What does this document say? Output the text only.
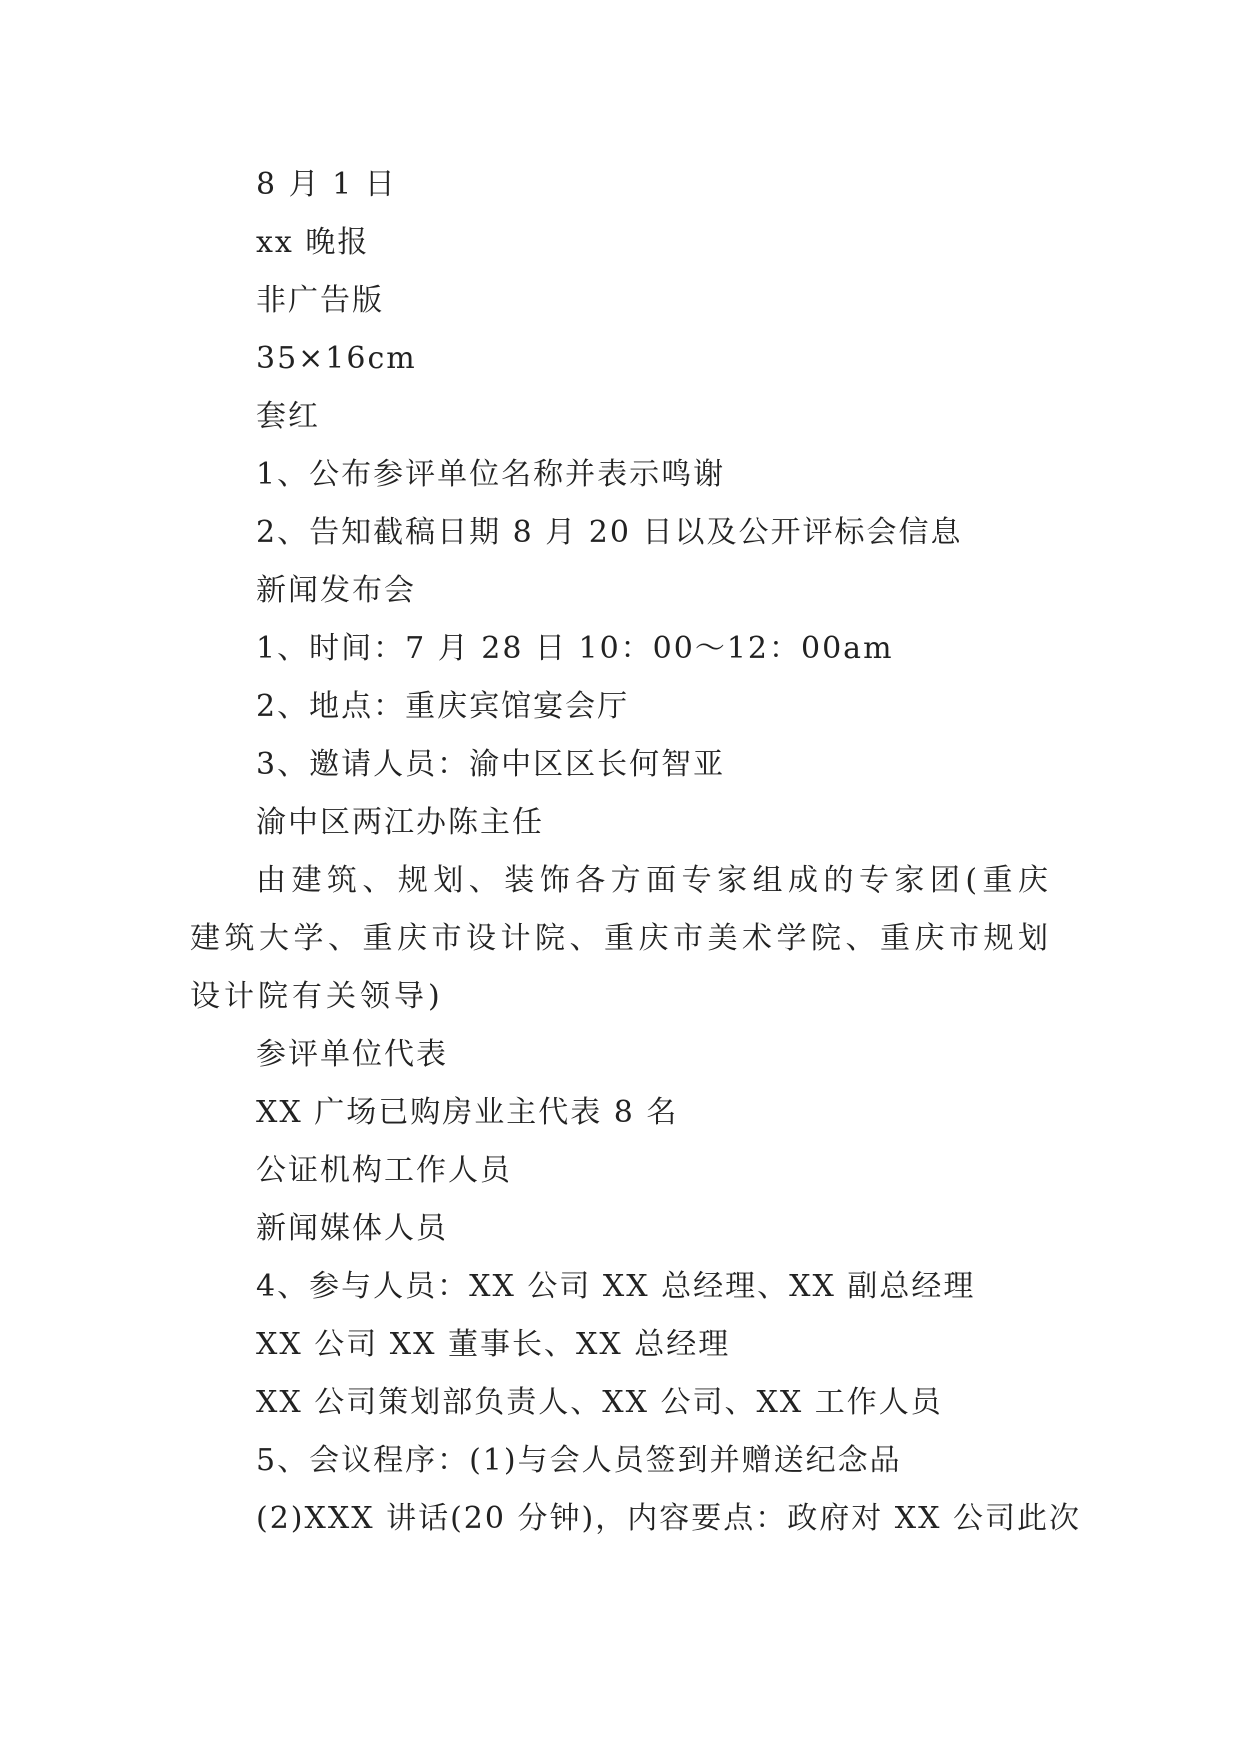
8 月 1 日

xx 晚报

非广告版

35×16cm

套红

1、公布参评单位名称并表示鸣谢

2、告知截稿日期 8 月 20 日以及公开评标会信息

新闻发布会

1、时间：7 月 28 日 10：00～12：00am

2、地点：重庆宾馆宴会厅

3、邀请人员：渝中区区长何智亚

渝中区两江办陈主任

由建筑、规划、装饰各方面专家组成的专家团(重庆建筑大学、重庆市设计院、重庆市美术学院、重庆市规划设计院有关领导)

参评单位代表

XX 广场已购房业主代表 8 名

公证机构工作人员

新闻媒体人员

4、参与人员：XX 公司 XX 总经理、XX 副总经理

XX 公司 XX 董事长、XX 总经理

XX 公司策划部负责人、XX 公司、XX 工作人员

5、会议程序：(1)与会人员签到并赠送纪念品

(2)XXX 讲话(20 分钟)，内容要点：政府对 XX 公司此次
